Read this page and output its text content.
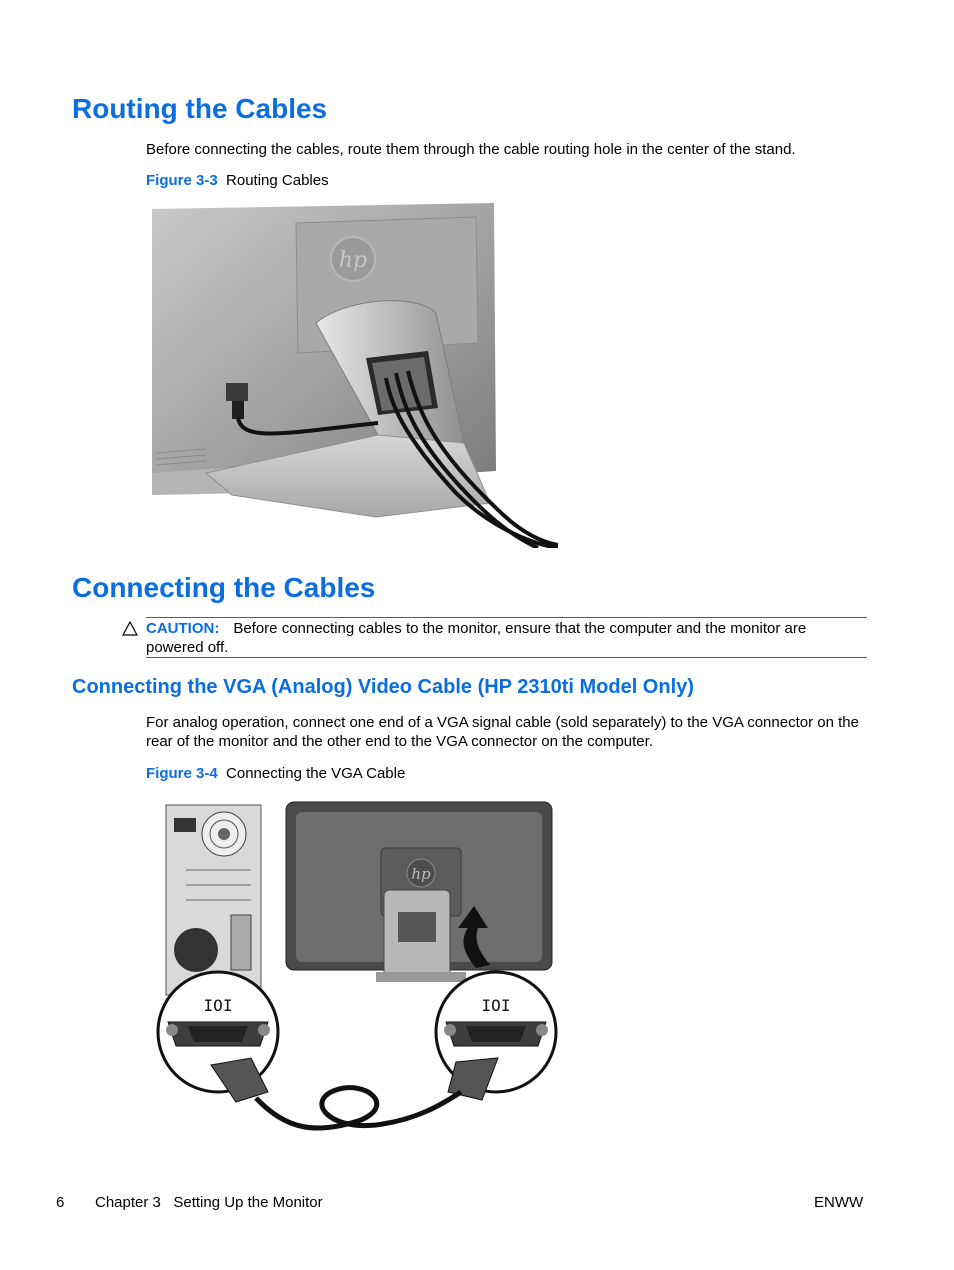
Routing the Cables

Before connecting the cables, route them through the cable routing hole in the center of the stand.

Figure 3-3 Routing Cables
hp
Connecting the Cables
CAUTION: Before connecting cables to the monitor, ensure that the computer and the monitor are powered off.
Connecting the VGA (Analog) Video Cable (HP 2310ti Model Only)

For analog operation, connect one end of a VGA signal cable (sold separately) to the VGA connector on the rear of the monitor and the other end to the VGA connector on the computer.

Figure 3-4 Connecting the VGA Cable
hp
IOI	IOI
6 Chapter 3   Setting Up the Monitor	ENWW
